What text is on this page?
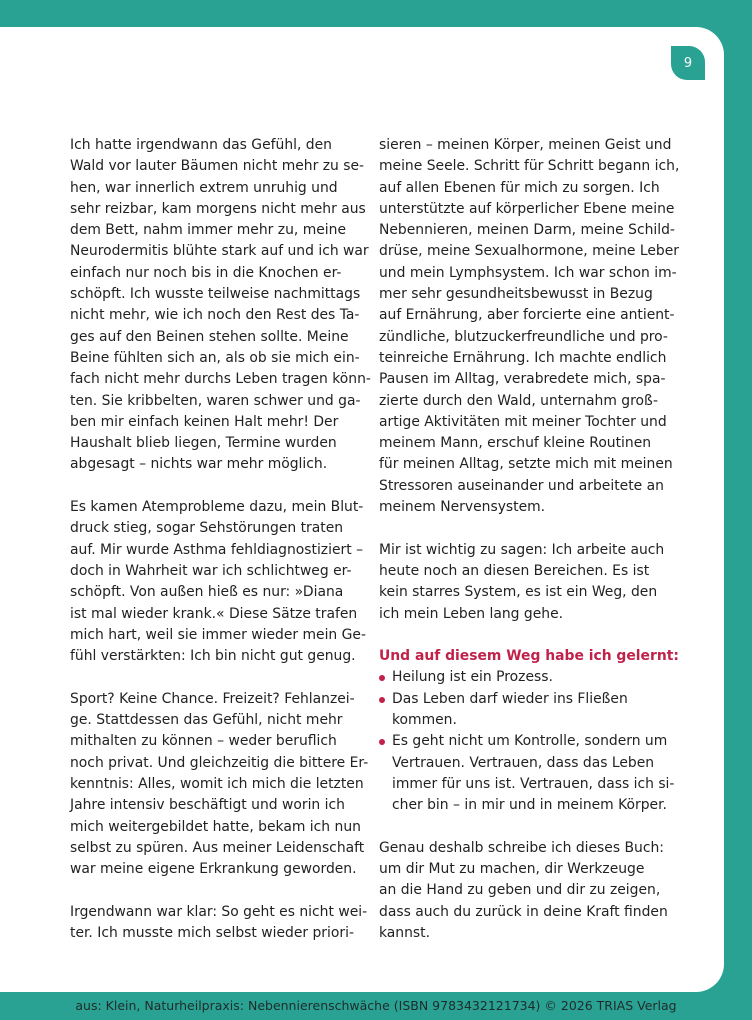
9
Ich hatte irgendwann das Gefühl, den
Wald vor lauter Bäumen nicht mehr zu se-
hen, war innerlich extrem unruhig und
sehr reizbar, kam morgens nicht mehr aus
dem Bett, nahm immer mehr zu, meine
Neurodermitis blühte stark auf und ich war
einfach nur noch bis in die Knochen er-
schöpft. Ich wusste teilweise nachmittags
nicht mehr, wie ich noch den Rest des Ta-
ges auf den Beinen stehen sollte. Meine
Beine fühlten sich an, als ob sie mich ein-
fach nicht mehr durchs Leben tragen könn-
ten. Sie kribbelten, waren schwer und ga-
ben mir einfach keinen Halt mehr! Der
Haushalt blieb liegen, Termine wurden
abgesagt – nichts war mehr möglich.
Es kamen Atemprobleme dazu, mein Blut-
druck stieg, sogar Sehstörungen traten
auf. Mir wurde Asthma fehldiagnostiziert –
doch in Wahrheit war ich schlichtweg er-
schöpft. Von außen hieß es nur: »Diana
ist mal wieder krank.« Diese Sätze trafen
mich hart, weil sie immer wieder mein Ge-
fühl verstärkten: Ich bin nicht gut genug.
Sport? Keine Chance. Freizeit? Fehlanzei-
ge. Stattdessen das Gefühl, nicht mehr
mithalten zu können – weder beruflich
noch privat. Und gleichzeitig die bittere Er-
kenntnis: Alles, womit ich mich die letzten
Jahre intensiv beschäftigt und worin ich
mich weitergebildet hatte, bekam ich nun
selbst zu spüren. Aus meiner Leidenschaft
war meine eigene Erkrankung geworden.
Irgendwann war klar: So geht es nicht wei-
ter. Ich musste mich selbst wieder priori-
sieren – meinen Körper, meinen Geist und
meine Seele. Schritt für Schritt begann ich,
auf allen Ebenen für mich zu sorgen. Ich
unterstützte auf körperlicher Ebene meine
Nebennieren, meinen Darm, meine Schild-
drüse, meine Sexualhormone, meine Leber
und mein Lymphsystem. Ich war schon im-
mer sehr gesundheitsbewusst in Bezug
auf Ernährung, aber forcierte eine antient-
zündliche, blutzuckerfreundliche und pro-
teinreiche Ernährung. Ich machte endlich
Pausen im Alltag, verabredete mich, spa-
zierte durch den Wald, unternahm groß-
artige Aktivitäten mit meiner Tochter und
meinem Mann, erschuf kleine Routinen
für meinen Alltag, setzte mich mit meinen
Stressoren auseinander und arbeitete an
meinem Nervensystem.
Mir ist wichtig zu sagen: Ich arbeite auch
heute noch an diesen Bereichen. Es ist
kein starres System, es ist ein Weg, den
ich mein Leben lang gehe.
Und auf diesem Weg habe ich gelernt:
Heilung ist ein Prozess.
Das Leben darf wieder ins Fließen
kommen.
Es geht nicht um Kontrolle, sondern um
Vertrauen. Vertrauen, dass das Leben
immer für uns ist. Vertrauen, dass ich si-
cher bin – in mir und in meinem Körper.
Genau deshalb schreibe ich dieses Buch:
um dir Mut zu machen, dir Werkzeuge
an die Hand zu geben und dir zu zeigen,
dass auch du zurück in deine Kraft finden
kannst.
aus: Klein, Naturheilpraxis: Nebennierenschwäche (ISBN 9783432121734) © 2026 TRIAS Verlag
